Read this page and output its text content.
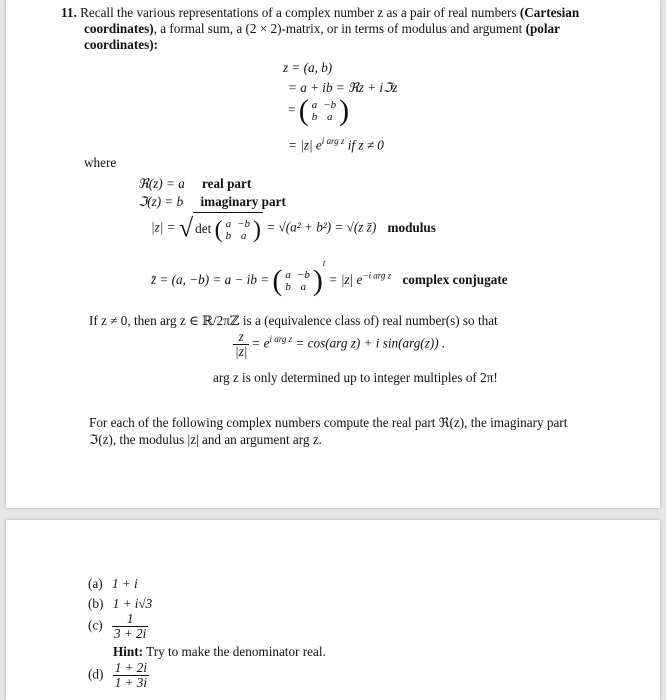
11. Recall the various representations of a complex number z as a pair of real numbers (Cartesian
coordinates), a formal sum, a (2 × 2)-matrix, or in terms of modulus and argument (polar
coordinates):
z = (a, b)
= a + ib = ℜz + iℑz
= ( a	−b
b	a )
= |z| $e^{i arg z}$ if z ≠ 0
where
ℜ(z) = a real part
ℑ(z) = b imaginary part
|z| = √ det ( a	−b
b	a ) = √(a² + b²) = √(z z̄) modulus
z̄ = (a, −b) = a − ib = ( a	−b
b	a )$^t$ = |z| $e^{-i arg z}$ complex conjugate
If z ≠ 0, then arg z ∈ ℝ/2πℤ is a (equivalence class of) real number(s) so that
$\frac{z}{|z|} = e^{i arg z} = \cos(arg$ z) + i sin(arg(z)) .
arg z is only determined up to integer multiples of 2π!
For each of the following complex numbers compute the real part ℜ(z), the imaginary part
ℑ(z), the modulus |z| and an argument arg z.
(a) 1 + i
(b) 1 + i√3
$(c) \frac{1}{3 + 2i}$
Hint: Try to make the denominator real.
$(d) \frac{1 + 2i}{1 + 3i}$
